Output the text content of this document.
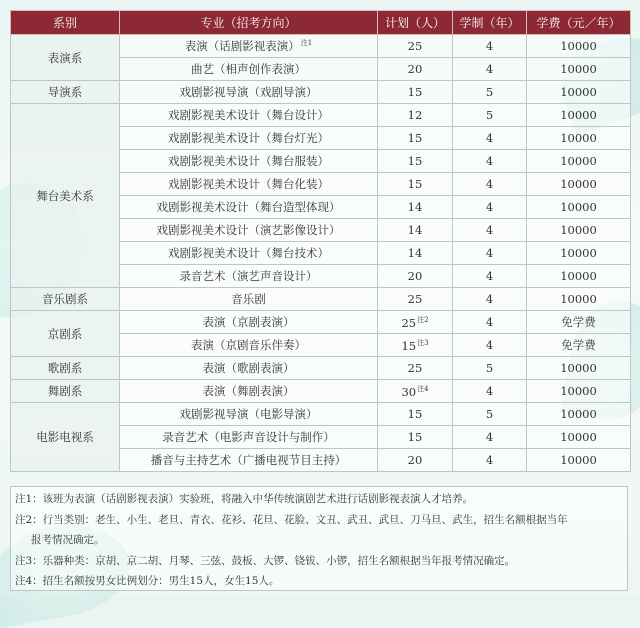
系别	专业（招考方向）	计划（人）	学制（年）	学费（元／年）
表演系	表演（话剧影视表演）$^{注1}$	25	4	10000
	曲艺（相声创作表演）	20	4	10000
导演系	戏剧影视导演（戏剧导演）	15	5	10000
舞台美术系	戏剧影视美术设计（舞台设计）	12	5	10000
	戏剧影视美术设计（舞台灯光）	15	4	10000
	戏剧影视美术设计（舞台服装）	15	4	10000
	戏剧影视美术设计（舞台化装）	15	4	10000
	戏剧影视美术设计（舞台造型体现）	14	4	10000
	戏剧影视美术设计（演艺影像设计）	14	4	10000
	戏剧影视美术设计（舞台技术）	14	4	10000
	录音艺术（演艺声音设计）	20	4	10000
音乐剧系	音乐剧	25	4	10000
京剧系	表演（京剧表演）	25$^{注2}$	4	免学费
	表演（京剧音乐伴奏）	15$^{注3}$	4	免学费
歌剧系	表演（歌剧表演）	25	5	10000
舞剧系	表演（舞剧表演）	30$^{注4}$	4	10000
电影电视系	戏剧影视导演（电影导演）	15	5	10000
	录音艺术（电影声音设计与制作）	15	4	10000
	播音与主持艺术（广播电视节目主持）	20	4	10000
注1：该班为表演（话剧影视表演）实验班，将融入中华传统演剧艺术进行话剧影视表演人才培养。
注2：行当类别：老生、小生、老旦、青衣、花衫、花旦、花脸、文丑、武丑、武旦、刀马旦、武生，招生名额根据当年
报考情况确定。
注3：乐器种类：京胡、京二胡、月琴、三弦、鼓板、大锣、铙钹、小锣，招生名额根据当年报考情况确定。
注4：招生名额按男女比例划分：男生15人，女生15人。
